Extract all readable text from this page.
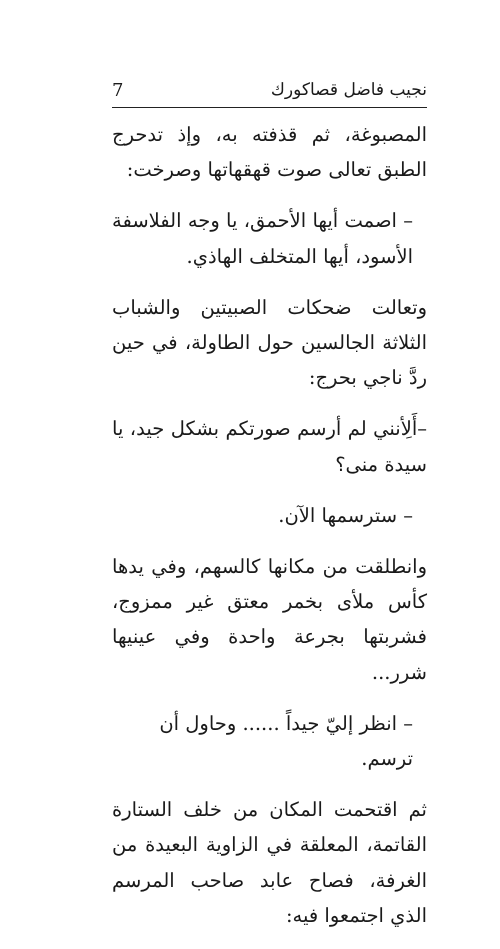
نجيب فاضل قصاكورك
7

المصبوغة، ثم قذفته به، وإذ تدحرج الطبق تعالى صوت قهقهاتها وصرخت:

– اصمت أيها الأحمق، يا وجه الفلاسفة الأسود، أيها المتخلف الهاذي.

وتعالت ضحكات الصبيتين والشباب الثلاثة الجالسين حول الطاولة، في حين ردَّ ناجي بحرج:

–أَلِأنني لم أرسم صورتكم بشكل جيد، يا سيدة منى؟

– سترسمها الآن.

وانطلقت من مكانها كالسهم، وفي يدها كأس ملأى بخمر معتق غير ممزوج، فشربتها بجرعة واحدة وفي عينيها شرر...

– انظر إليّ جيداً ...... وحاول أن ترسم.

ثم اقتحمت المكان من خلف الستارة القاتمة، المعلقة في الزاوية البعيدة من الغرفة، فصاح عابد صاحب المرسم الذي اجتمعوا فيه:
